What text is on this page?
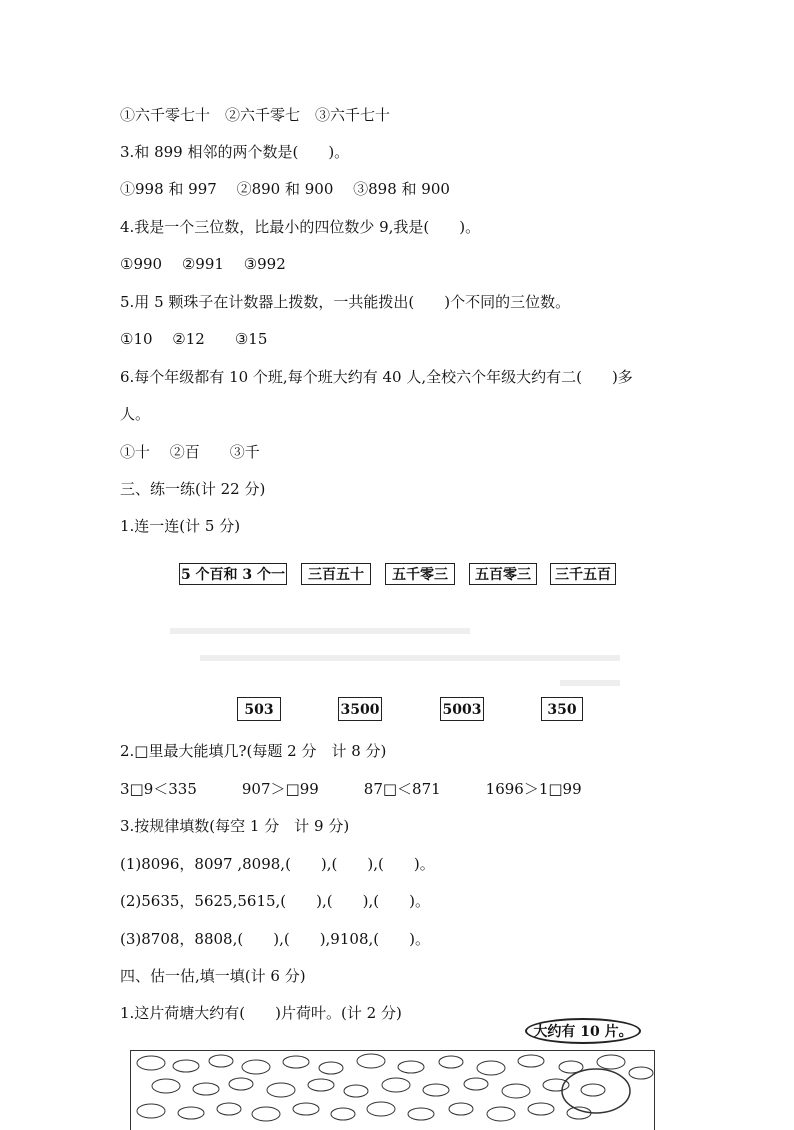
①六千零七十　②六千零七　③六千七十
3.和 899 相邻的两个数是(　　)。
①998 和 997　 ②890 和 900　 ③898 和 900
4.我是一个三位数，比最小的四位数少 9,我是(　　)。
①990　 ②991　 ③992
5.用 5 颗珠子在计数器上拨数，一共能拨出(　　)个不同的三位数。
①10　 ②12　　③15
6.每个年级都有 10 个班,每个班大约有 40 人,全校六个年级大约有二(　　)多
人。
①十　 ②百　　③千
三、练一练(计 22 分)
1.连一连(计 5 分)
5 个百和 3 个一	三百五十	五千零三	五百零三	三千五百
503	3500	5003	350
2.□里最大能填几?(每题 2 分　计 8 分)
3□9＜335　　　907＞□99　　　87□＜871　　　1696＞1□99
3.按规律填数(每空 1 分　计 9 分)
(1)8096，8097 ,8098,(　　),(　　),(　　)。
(2)5635，5625,5615,(　　),(　　),(　　)。
(3)8708，8808,(　　),(　　),9108,(　　)。
四、估一估,填一填(计 6 分)
1.这片荷塘大约有(　　)片荷叶。(计 2 分)
大约有 10 片。
